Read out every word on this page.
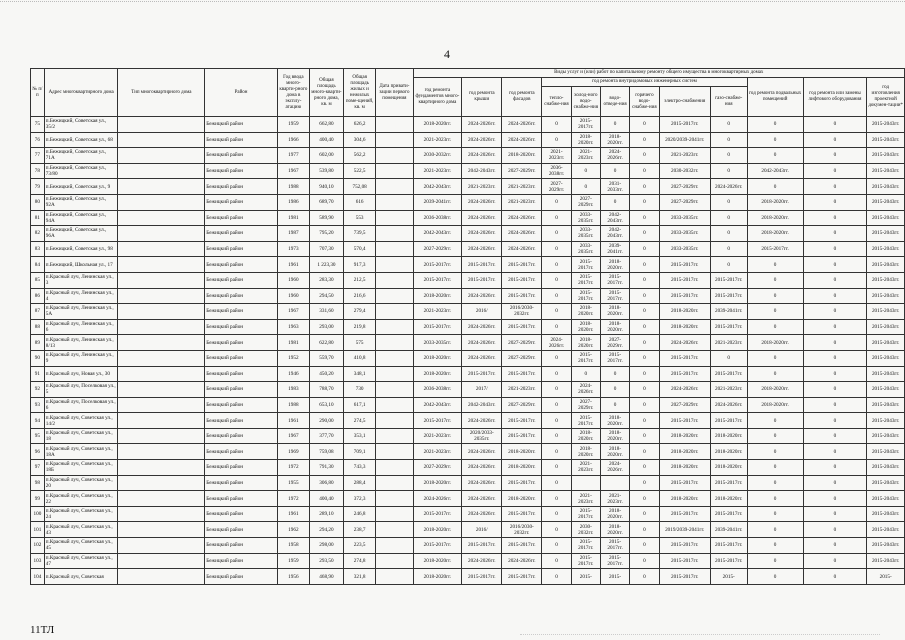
4
№ п/п	Адрес многоквартирного дома	Тип многоквартирного дома	Район	Год ввода много-кварти-рного дома в эксплу-атацию	Общая площадь много-кварти-рного дома, кв. м	Общая площадь жилых и нежилых поме-щений, кв. м	Дата привати-зации первого помещения	Виды услуг и (или) работ по капитальному ремонту общего имущества в многоквартирных домах											
								год ремонта фундаментов много-квартирного дома	год ремонта крыши	год ремонта фасадов	год ремонта внутридомовых инженерных систем						год ремонта подвальных помещений	год ремонта или замены лифтового оборудования	год изготовления проектной докумен-тации*
											тепло-снабже-ния	холод-ного водо-снабже-ния	водо-отведе-ния	горячего водо-снабже-ния	электро-снабжения	газо-снабже-ния			
75	п.Бежицкий, Советская ул., 35/2		Бежицкий район	1959	662,80	626,2		2018-2020гг.	2024-2026гг.	2024-2026гг.	0	2015-2017гг.	0	0	2015-2017гг.	0	0	0	2015-2043гг.
76	п.Бежицкий, Советская ул., 68		Бежицкий район	1966	400,40	304,6		2021-2023гг.	2024-2026гг.	2024-2026гг.	0	2018-2020гг.	2018-2020гг.	0	2020/2039-2041гг.	0	0	0	2015-2043гг.
77	п.Бежицкий, Советская ул., 71А		Бежицкий район	1977	602,00	562,2		2030-2032гг.	2024-2026гг.	2018-2020гг.	2021-2023гг.	2021-2023гг.	2024-2026гг.	0	2021-2023гг.	0	0	0	2015-2043гг.
78	п.Бежицкий, Советская ул., 73/80		Бежицкий район	1967	539,80	522,5		2021-2023гг.	2042-2043гг.	2027-2029гг.	2036-2038гг.	0	0	0	2030-2032гг.	0	2042-2043гг.	0	2015-2043гг.
79	п.Бежицкий, Советская ул., 9		Бежицкий район	1988	940,10	752,08		2042-2043гг.	2021-2023гг.	2021-2023гг.	2027-2029гг.	0	2031-2033гг.	0	2027-2029гг.	2024-2026гг.	0	0	2015-2043гг.
80	п.Бежицкий, Советская ул., 92А		Бежицкий район	1986	689,70	616		2039-2041гг.	2024-2026гг.	2021-2023гг.	0	2027-2029гг.	0	0	2027-2029гг.	0	2018-2020гг.	0	2015-2043гг.
81	п.Бежицкий, Советская ул., 94А		Бежицкий район	1981	589,90	553		2036-2038гг.	2024-2026гг.	2024-2026гг.	0	2033-2035гг.	2042-2043гг.	0	2033-2035гг.	0	2018-2020гг.	0	2015-2043гг.
82	п.Бежицкий, Советская ул., 96А		Бежицкий район	1987	795,20	739,5		2042-2043гг.	2024-2026гг.	2024-2026гг.	0	2033-2035гг.	2042-2043гг.	0	2033-2035гг.	0	2018-2020гг.	0	2015-2043гг.
83	п.Бежицкий, Советская ул., 98		Бежицкий район	1973	707,30	570,4		2027-2029гг.	2024-2026гг.	2024-2026гг.	0	2033-2035гг.	2039-2041гг.	0	2033-2035гг.	0	2015-2017гг.	0	2015-2043гг.
84	п.Бежицкий, Школьная ул., 17		Бежицкий район	1961	1 223,30	917,3		2015-2017гг.	2015-2017гг.	2015-2017гг.	0	2015-2017гг.	2018-2020гг.	0	2015-2017гг.	0	0	0	2015-2043гг.
85	п.Красный луч, Ленинская ул., 3		Бежицкий район	1960	283,30	212,5		2015-2017гг.	2015-2017гг.	2015-2017гг.	0	2015-2017гг.	2015-2017гг.	0	2015-2017гг.	2015-2017гг.	0	0	2015-2043гг.
86	п.Красный луч, Ленинская ул., 4		Бежицкий район	1960	294,50	216,6		2018-2020гг.	2024-2026гг.	2015-2017гг.	0	2015-2017гг.	2015-2017гг.	0	2015-2017гг.	2015-2017гг.	0	0	2015-2043гг.
87	п.Красный луч, Ленинская ул., 5А		Бежицкий район	1967	331,60	279,4		2021-2023гг.	2016/	2016/2030-2032гг.	0	2018-2020гг.	2018-2020гг.	0	2018-2020гг.	2039-2041гг.	0	0	2015-2043гг.
88	п.Красный луч, Ленинская ул., 6		Бежицкий район	1963	293,00	219,8		2015-2017гг.	2024-2026гг.	2015-2017гг.	0	2018-2020гг.	2018-2020гг.	0	2018-2020гг.	2015-2017гг.	0	0	2015-2043гг.
89	п.Красный луч, Ленинская ул., 8/13		Бежицкий район	1981	622,80	575		2033-2035гг.	2024-2026гг.	2027-2029гг.	2024-2026гг.	2018-2020гг.	2027-2029гг.	0	2024-2026гг.	2021-2023гг.	2018-2020гг.	0	2015-2043гг.
90	п.Красный луч, Ленинская ул., 9		Бежицкий район	1952	559,70	410,8		2018-2020гг.	2024-2026гг.	2027-2029гг.	0	2015-2017гг.	2015-2017гг.	0	2015-2017гг.	0	0	0	2015-2043гг.
91	п.Красный луч, Новая ул., 30		Бежицкий район	1946	450,20	348,1		2018-2020гг.	2015-2017гг.	2015-2017гг.	0	0	0	0	2015-2017гг.	2015-2017гг.	0	0	2015-2043гг.
92	п.Красный луч, Поселковая ул., 5		Бежицкий район	1983	788,70	730		2036-2038гг.	2017/	2021-2023гг.	0	2024-2026гг.	0	0	2024-2026гг.	2021-2023гг.	2018-2020гг.	0	2015-2043гг.
93	п.Красный луч, Поселковая ул., 6		Бежицкий район	1988	653,10	617,1		2042-2043гг.	2042-2043гг.	2027-2029гг.	0	2027-2029гг.	0	0	2027-2029гг.	2024-2026гг.	2018-2020гг.	0	2015-2043гг.
94	п.Красный луч, Советская ул., 14/2		Бежицкий район	1961	290,00	274,5		2015-2017гг.	2024-2026гг.	2015-2017гг.	0	2015-2017гг.	2018-2020гг.	0	2015-2017гг.	2015-2017гг.	0	0	2015-2043гг.
95	п.Красный луч, Советская ул., 18		Бежицкий район	1967	377,70	353,1		2021-2023гг.	2020/2033-2035гг.	2015-2017гг.	0	2018-2020гг.	2018-2020гг.	0	2018-2020гг.	2018-2020гг.	0	0	2015-2043гг.
96	п.Красный луч, Советская ул., 18А		Бежицкий район	1969	759,08	709,1		2021-2023гг.	2024-2026гг.	2018-2020гг.	0	2018-2020гг.	2018-2020гг.	0	2018-2020гг.	2018-2020гг.	0	0	2015-2043гг.
97	п.Красный луч, Советская ул., 18Б		Бежицкий район	1972	791,30	743,3		2027-2029гг.	2024-2026гг.	2018-2020гг.	0	2021-2023гг.	2024-2026гг.	0	2018-2020гг.	2018-2020гг.	0	0	2015-2043гг.
98	п.Красный луч, Советская ул., 20		Бежицкий район	1955	306,80	288,4		2018-2020гг.	2024-2026гг.	2015-2017гг.	0			0	2015-2017гг.	2015-2017гг.	0	0	2015-2043гг.
99	п.Красный луч, Советская ул., 22		Бежицкий район	1972	400,40	372,3		2024-2026гг.	2024-2026гг.	2018-2020гг.	0	2021-2023гг.	2021-2023гг.	0	2018-2020гг.	2018-2020гг.	0	0	2015-2043гг.
100	п.Красный луч, Советская ул., 24		Бежицкий район	1961	289,10	246,8		2015-2017гг.	2024-2026гг.	2015-2017гг.	0	2015-2017гг.	2018-2020гг.	0	2015-2017гг.	2015-2017гг.	0	0	2015-2043гг.
101	п.Красный луч, Советская ул., 43		Бежицкий район	1962	294,20	238,7		2018-2020гг.	2016/	2016/2030-2032гг.	0	2030-2032гг.	2018-2020гг.	0	2019/2039-2041гг.	2039-2041гг.	0	0	2015-2043гг.
102	п.Красный луч, Советская ул., 45		Бежицкий район	1958	298,00	223,5		2015-2017гг.	2015-2017гг.	2015-2017гг.	0	2015-2017гг.	2015-2017гг.	0	2015-2017гг.	2015-2017гг.	0	0	2015-2043гг.
103	п.Красный луч, Советская ул., 47		Бежицкий район	1959	293,50	274,8		2018-2020гг.	2024-2026гг.	2024-2026гг.	0	2015-2017гг.	2015-2017гг.	0	2015-2017гг.	2015-2017гг.	0	0	2015-2043гг.
104	п.Красный луч, Советская		Бежицкий район	1956	468,90	321,8		2018-2020гг.	2015-2017гг.	2015-2017гг.	0	2015-	2015-	0	2015-2017гг.	2015-	0	0	2015-
11ТЛ
